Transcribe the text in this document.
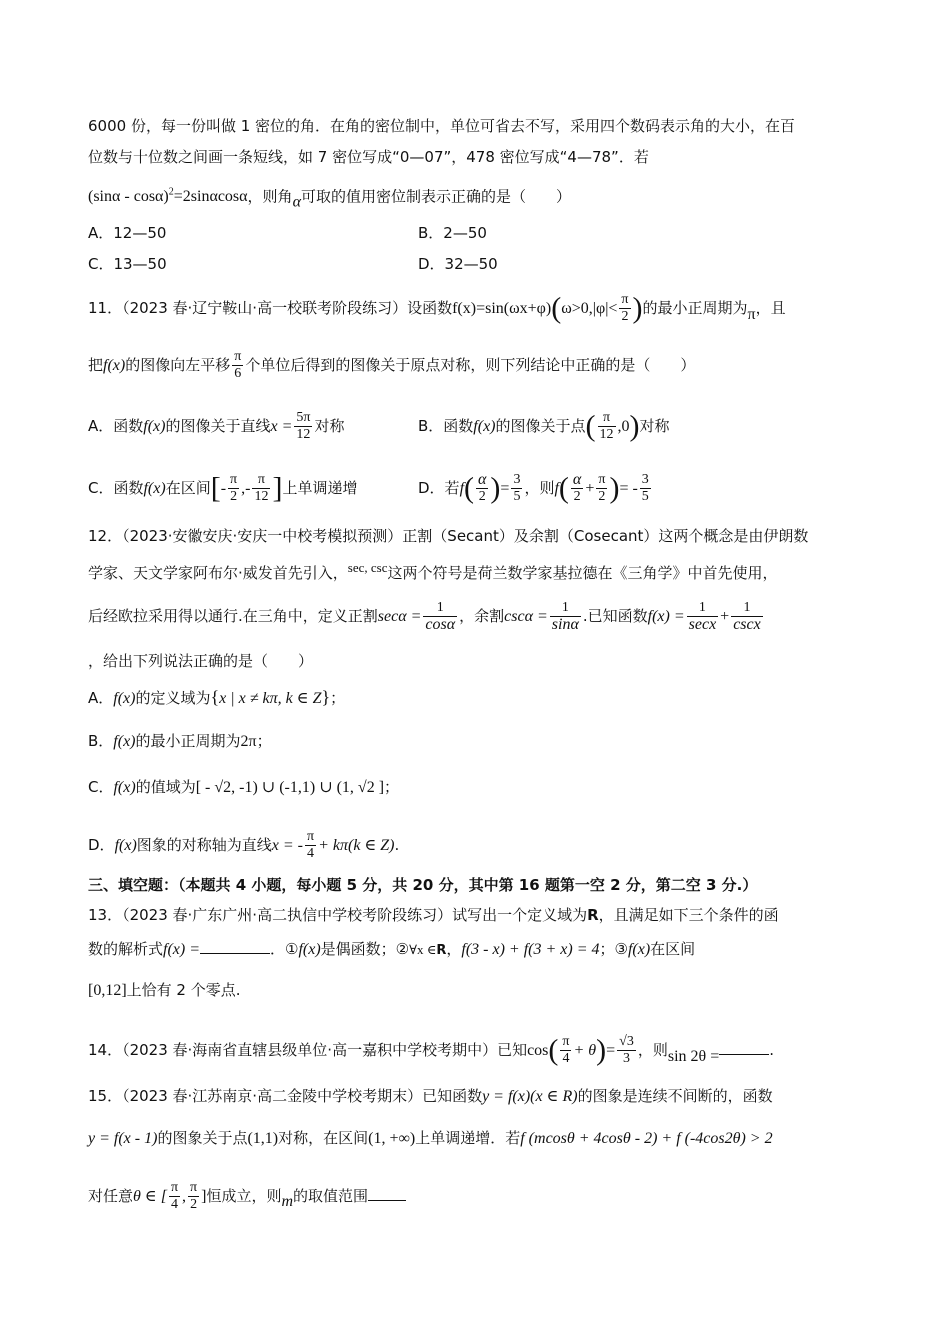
6000 份，每一份叫做 1 密位的角．在角的密位制中，单位可省去不写，采用四个数码表示角的大小，在百
位数与十位数之间画一条短线，如 7 密位写成“0—07”，478 密位写成“4—78”．若
(sinα - cosα)$^2$=2sinαcosα，则角α可取的值用密位制表示正确的是（　　）
A．12—50	B．2—50
C．13—50	D．32—50
11．（2023 春·辽宁鞍山·高一校联考阶段练习）设函数$f(x)=\sin(\omega x+\varphi)(\omega>0,|\varphi|< \frac{\pi}{2}$ )的最小正周期为π，且
把f(x)的图像向左平移 $\frac{\pi}{6}$ 个单位后得到的图像关于原点对称，则下列结论中正确的是（　　）
A．函数f(x)的图像关于直线$x = \frac{5\pi}{12}$ 对称	B．函数f(x)的图像关于点( $\frac{\pi}{12} ,0$)对称
C．函数f(x)在区间[- $\frac{\pi}{2}$ ,- $\frac{\pi}{12}$ ]上单调递增	D．若$f( \frac{\alpha}{2}$ )= $\frac{3}{5}$ ，则$f( \frac{\alpha}{2} + \frac{\pi}{2}$ )= - $\frac{3}{5}$
12．（2023·安徽安庆·安庆一中校考模拟预测）正割（Secant）及余割（Cosecant）这两个概念是由伊朗数
学家、天文学家阿布尔·威发首先引入，sec, csc这两个符号是荷兰数学家基拉德在《三角学》中首先使用，
后经欧拉采用得以通行.在三角中，定义正割$\sec\alpha = \frac{1}{\cos\alpha}$ ，余割$\csc\alpha = \frac{1}{\sin\alpha}$ .已知函数$f(x) = \frac{1}{\sec x} + \frac{1}{\csc x}$
，给出下列说法正确的是（　　）
A．f(x)的定义域为{x | x ≠ kπ, k ∈ Z}；
B．f(x)的最小正周期为2π；
C．f(x)的值域为[ - √2, -1) ∪ (-1,1) ∪ (1, √2 ]；
D．f(x)图象的对称轴为直线x = - $\frac{\pi}{4} + k\pi(k$ ∈ Z).
三、填空题：（本题共 4 小题，每小题 5 分，共 20 分，其中第 16 题第一空 2 分，第二空 3 分.）
13．（2023 春·广东广州·高二执信中学校考阶段练习）试写出一个定义域为R，且满足如下三个条件的函
数的解析式f(x) =	．①f(x)是偶函数；②∀x ∈R，f(3 - x) + f(3 + x) = 4；③f(x)在区间
[0,12]上恰有 2 个零点.
14．（2023 春·海南省直辖县级单位·高一嘉积中学校考期中）已知$\cos( \frac{\pi}{4} + \theta)= \frac{√3}{3}$ ，则sin 2θ =	.
15．（2023 春·江苏南京·高二金陵中学校考期末）已知函数y = f(x)(x ∈ R)的图象是连续不间断的，函数
y = f(x - 1)的图象关于点(1,1)对称，在区间(1, +∞)上单调递增．若f (mcosθ + 4cosθ - 2) + f (-4cos2θ) > 2
对任意θ ∈ [ $\frac{\pi}{4}$ , $\frac{\pi}{2}$ ]恒成立，则m的取值范围
